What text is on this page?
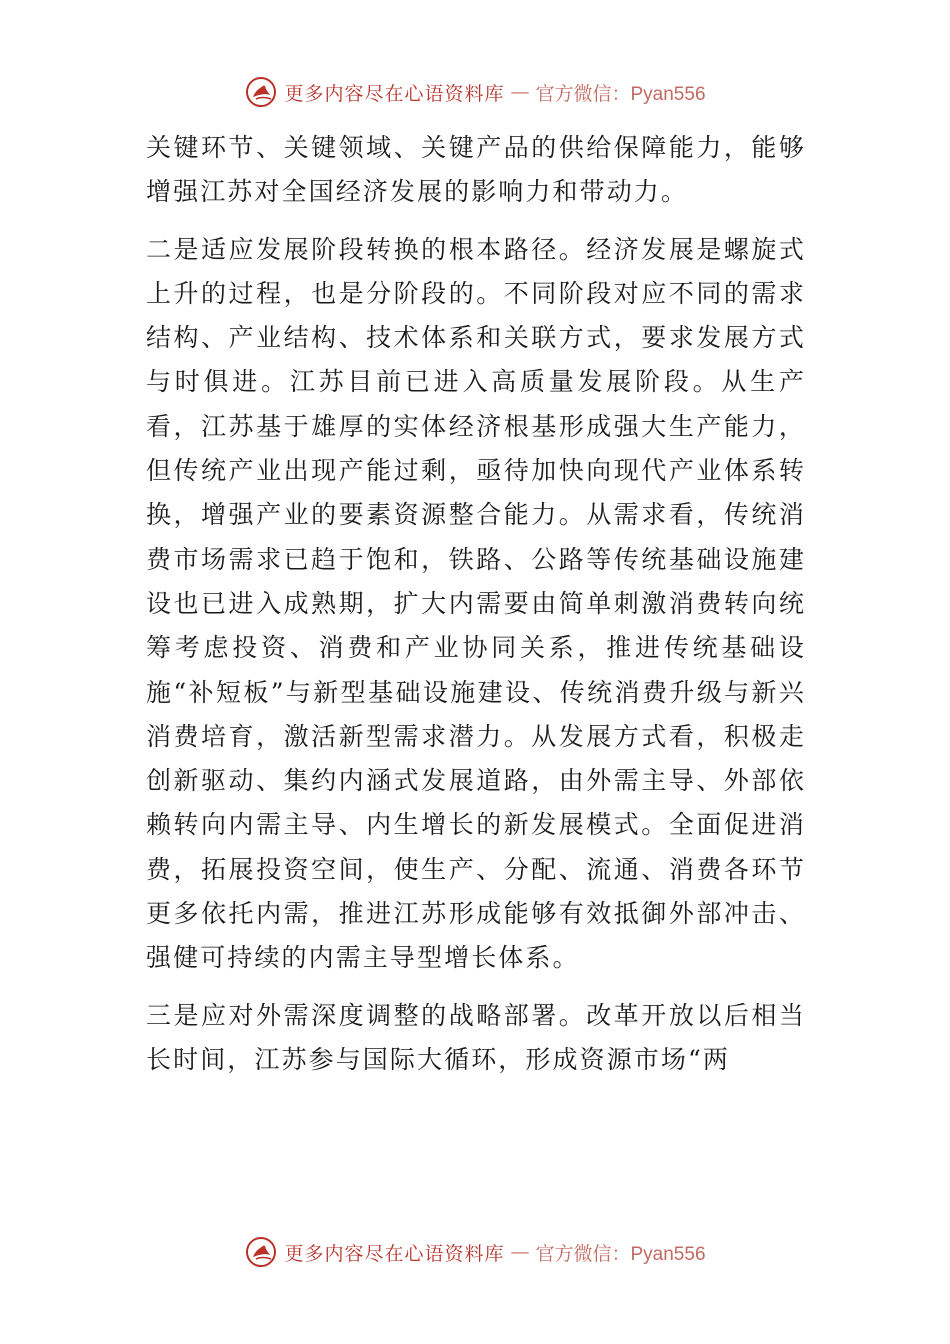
更多内容尽在心语资料库 — 官方微信：Pyan556

关键环节、关键领域、关键产品的供给保障能力，能够增强江苏对全国经济发展的影响力和带动力。

二是适应发展阶段转换的根本路径。经济发展是螺旋式上升的过程，也是分阶段的。不同阶段对应不同的需求结构、产业结构、技术体系和关联方式，要求发展方式与时俱进。江苏目前已进入高质量发展阶段。从生产看，江苏基于雄厚的实体经济根基形成强大生产能力，但传统产业出现产能过剩，亟待加快向现代产业体系转换，增强产业的要素资源整合能力。从需求看，传统消费市场需求已趋于饱和，铁路、公路等传统基础设施建设也已进入成熟期，扩大内需要由简单刺激消费转向统筹考虑投资、消费和产业协同关系，推进传统基础设施“补短板”与新型基础设施建设、传统消费升级与新兴消费培育，激活新型需求潜力。从发展方式看，积极走创新驱动、集约内涵式发展道路，由外需主导、外部依赖转向内需主导、内生增长的新发展模式。全面促进消费，拓展投资空间，使生产、分配、流通、消费各环节更多依托内需，推进江苏形成能够有效抵御外部冲击、强健可持续的内需主导型增长体系。

三是应对外需深度调整的战略部署。改革开放以后相当长时间，江苏参与国际大循环，形成资源市场“两

更多内容尽在心语资料库 — 官方微信：Pyan556
